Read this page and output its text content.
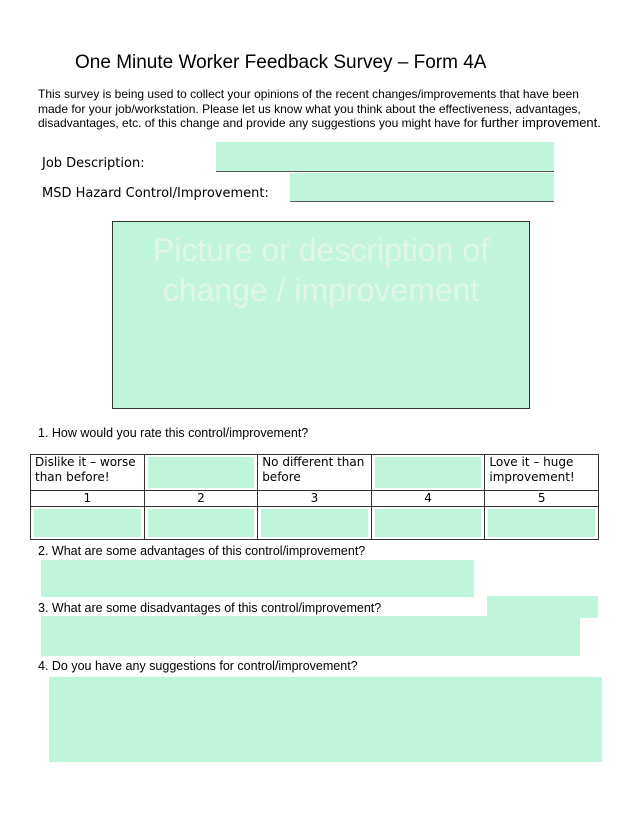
One Minute Worker Feedback Survey – Form 4A

This survey is being used to collect your opinions of the recent changes/improvements that have been made for your job/workstation. Please let us know what you think about the effectiveness, advantages, disadvantages, etc. of this change and provide any suggestions you might have for further improvement.

Job Description:
MSD Hazard Control/Improvement:
Picture or description of change / improvement
1. How would you rate this control/improvement?
Dislike it – worse than before!		No different than before		Love it – huge improvement!
1	2	3	4	5

2. What are some advantages of this control/improvement?
3. What are some disadvantages of this control/improvement?
4. Do you have any suggestions for control/improvement?
